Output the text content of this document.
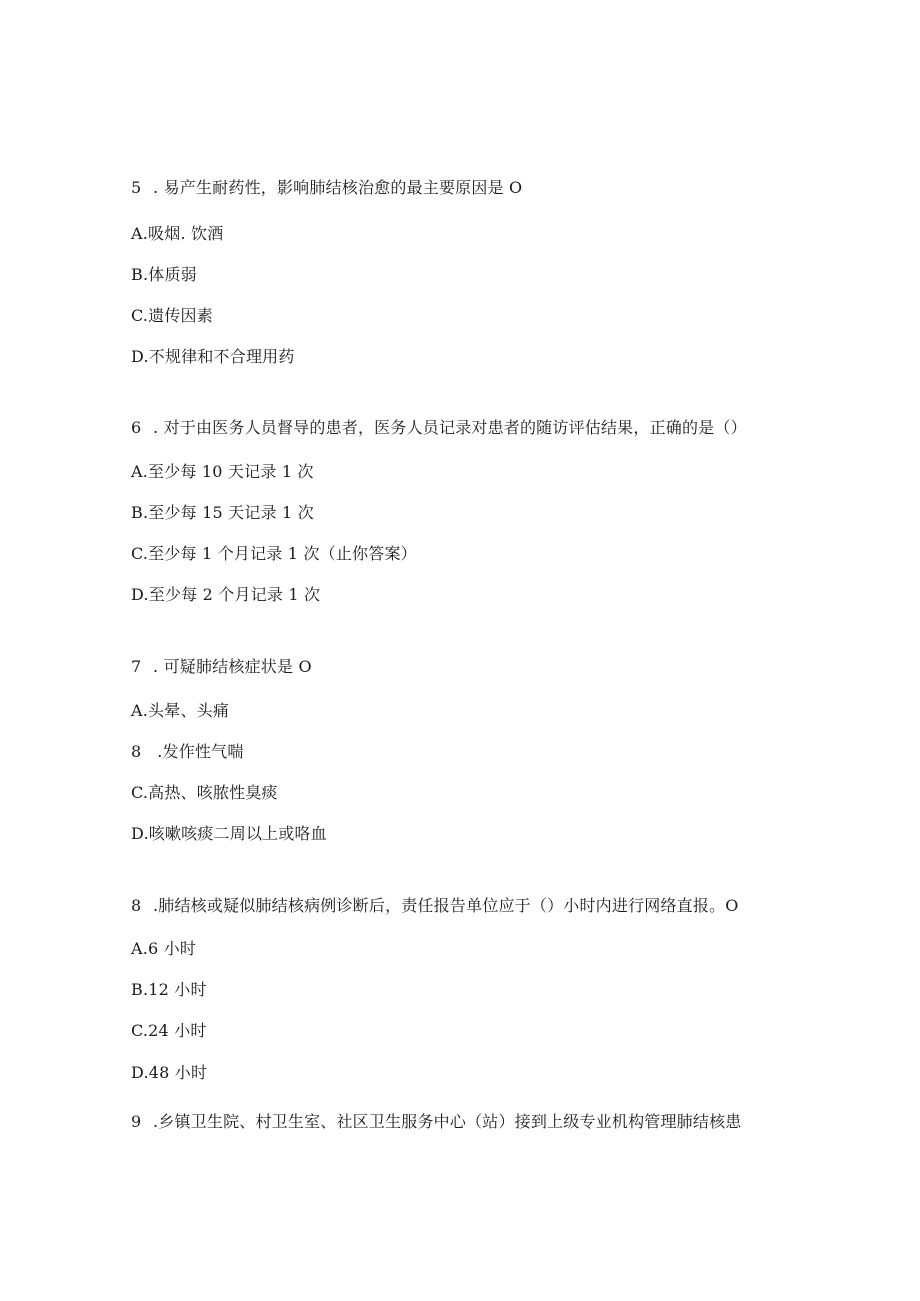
5 . 易产生耐药性，影响肺结核治愈的最主要原因是 O
A.吸烟. 饮酒
B.体质弱
C.遗传因素
D.不规律和不合理用药
6 . 对于由医务人员督导的患者，医务人员记录对患者的随访评估结果，正确的是（）
A.至少每 10 天记录 1 次
B.至少每 15 天记录 1 次
C.至少每 1 个月记录 1 次（止你答案）
D.至少每 2 个月记录 1 次
7 . 可疑肺结核症状是 O
A.头晕、头痛
8   .发作性气喘
C.高热、咳脓性臭痰
D.咳嗽咳痰二周以上或咯血
8 .肺结核或疑似肺结核病例诊断后，责任报告单位应于（）小时内进行网络直报。O
A.6 小时
B.12 小时
C.24 小时
D.48 小时
9 .乡镇卫生院、村卫生室、社区卫生服务中心（站）接到上级专业机构管理肺结核患
